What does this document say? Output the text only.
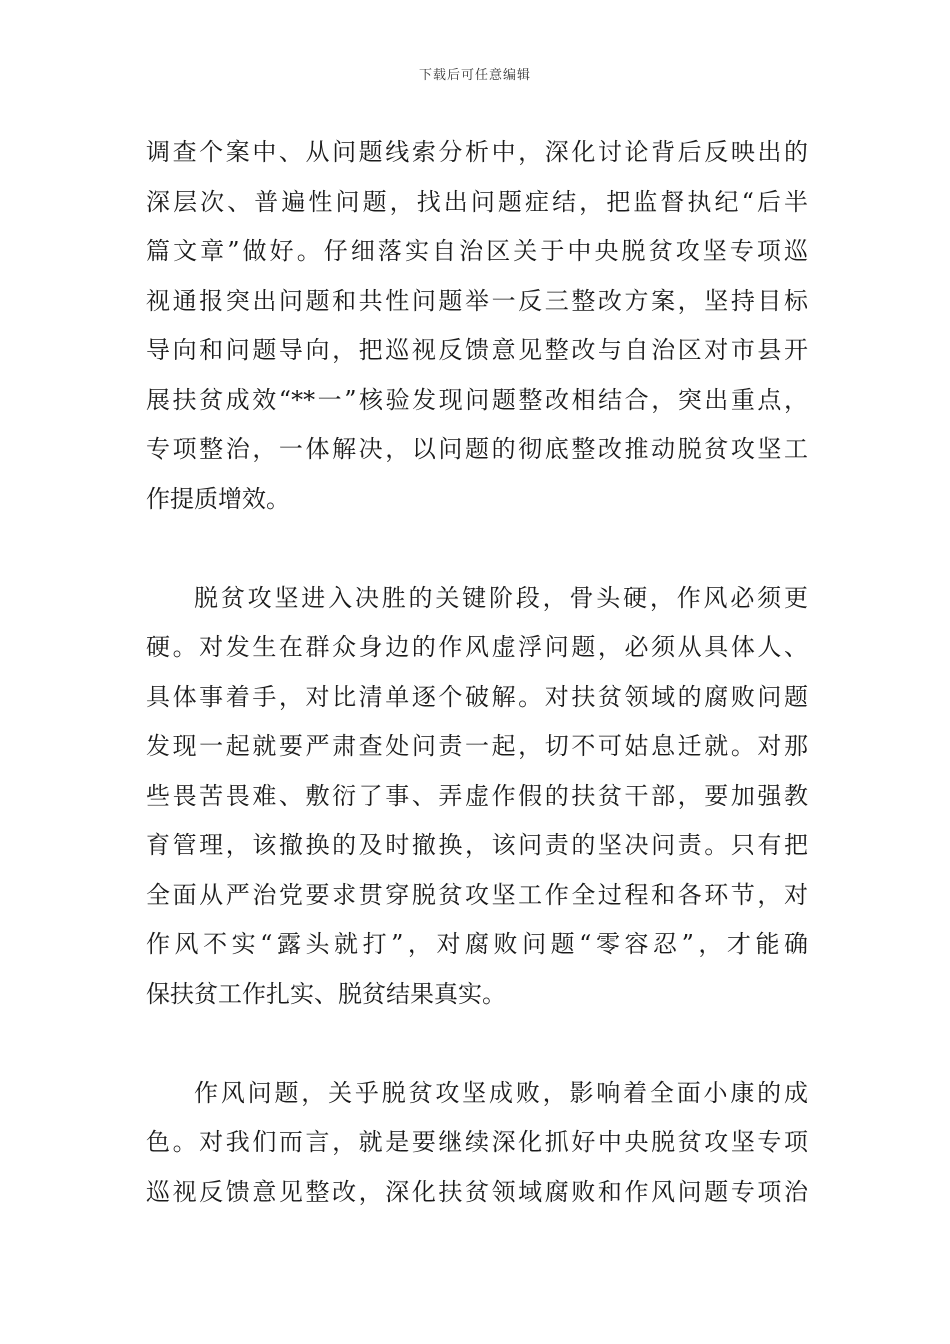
下载后可任意编辑
调查个案中、从问题线索分析中，深化讨论背后反映出的
深层次、普遍性问题，找出问题症结，把监督执纪“后半
篇文章”做好。仔细落实自治区关于中央脱贫攻坚专项巡
视通报突出问题和共性问题举一反三整改方案，坚持目标
导向和问题导向，把巡视反馈意见整改与自治区对市县开
展扶贫成效“**一”核验发现问题整改相结合，突出重点，
专项整治，一体解决，以问题的彻底整改推动脱贫攻坚工
作提质增效。
脱贫攻坚进入决胜的关键阶段，骨头硬，作风必须更
硬。对发生在群众身边的作风虚浮问题，必须从具体人、
具体事着手，对比清单逐个破解。对扶贫领域的腐败问题
发现一起就要严肃查处问责一起，切不可姑息迁就。对那
些畏苦畏难、敷衍了事、弄虚作假的扶贫干部，要加强教
育管理，该撤换的及时撤换，该问责的坚决问责。只有把
全面从严治党要求贯穿脱贫攻坚工作全过程和各环节，对
作风不实“露头就打”，对腐败问题“零容忍”，才能确
保扶贫工作扎实、脱贫结果真实。
作风问题，关乎脱贫攻坚成败，影响着全面小康的成
色。对我们而言，就是要继续深化抓好中央脱贫攻坚专项
巡视反馈意见整改，深化扶贫领域腐败和作风问题专项治
